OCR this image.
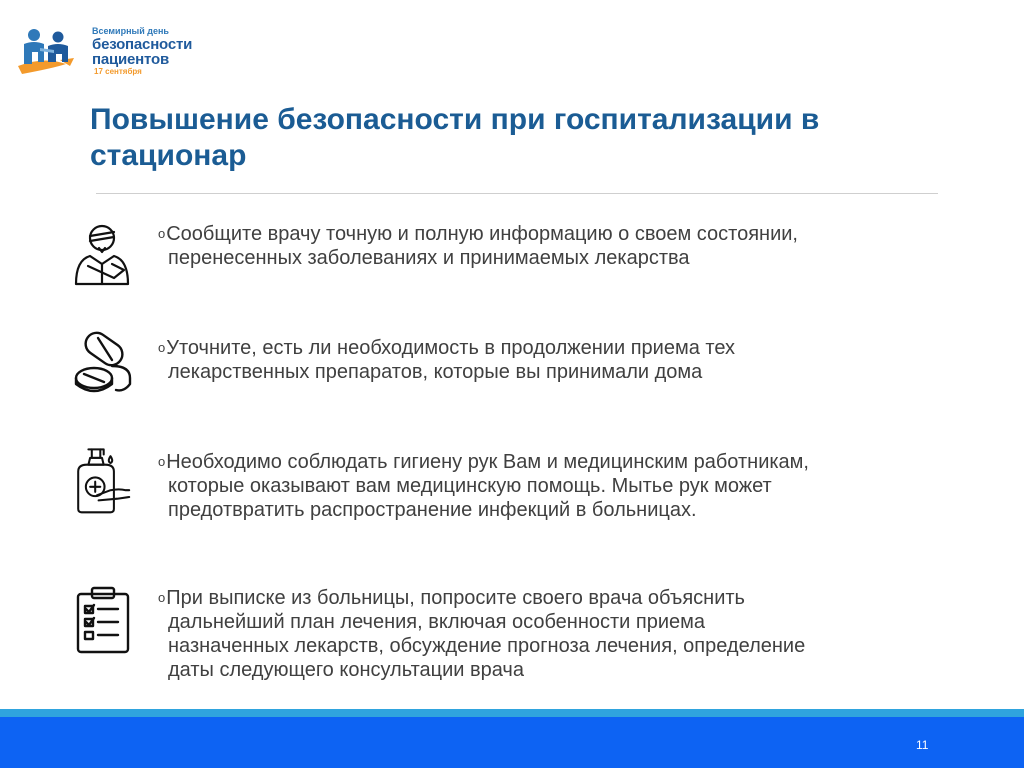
Всемирный день
безопасности
пациентов
17 сентября
Повышение безопасности при госпитализации в стационар
oСообщите врачу точную и полную информацию о своем состоянии,
перенесенных заболеваниях и принимаемых лекарства
oУточните, есть ли необходимость в продолжении приема тех
лекарственных препаратов, которые вы принимали дома
oНеобходимо соблюдать гигиену рук Вам и медицинским работникам,
которые оказывают вам медицинскую помощь. Мытье рук может
предотвратить распространение инфекций в больницах.
oПри выписке из больницы, попросите своего врача объяснить
дальнейший план лечения, включая особенности приема
назначенных лекарств, обсуждение прогноза лечения, определение
даты следующего консультации врача
11
